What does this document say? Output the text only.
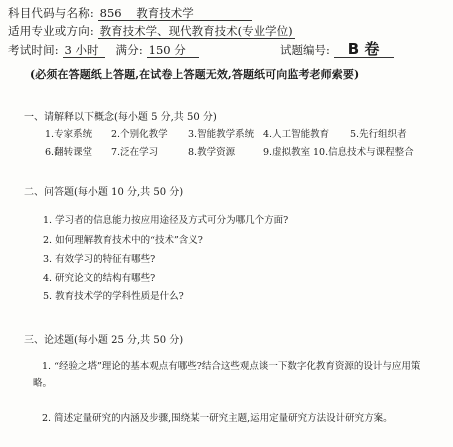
科目代码与名称: 856 教育技术学
适用专业或方向: 教育技术学、现代教育技术(专业学位)
考试时间: 3 小时 满分: 150 分	试题编号: B 卷
(必须在答题纸上答题,在试卷上答题无效,答题纸可向监考老师索要)
一、请解释以下概念(每小题 5 分,共 50 分)
1.专家系统 2.个别化教学 3.智能教学系统 4.人工智能教育 5.先行组织者
6.翻转课堂 7.泛在学习	8.教学资源	9.虚拟教室 10.信息技术与课程整合
二、问答题(每小题 10 分,共 50 分)
1. 学习者的信息能力按应用途径及方式可分为哪几个方面?
2. 如何理解教育技术中的“技术”含义?
3. 有效学习的特征有哪些?
4. 研究论文的结构有哪些?
5. 教育技术学的学科性质是什么?
三、论述题(每小题 25 分,共 50 分)
1. “经验之塔”理论的基本观点有哪些?结合这些观点谈一下数字化教育资源的设计与应用策略。
2. 简述定量研究的内涵及步骤,围绕某一研究主题,运用定量研究方法设计研究方案。
